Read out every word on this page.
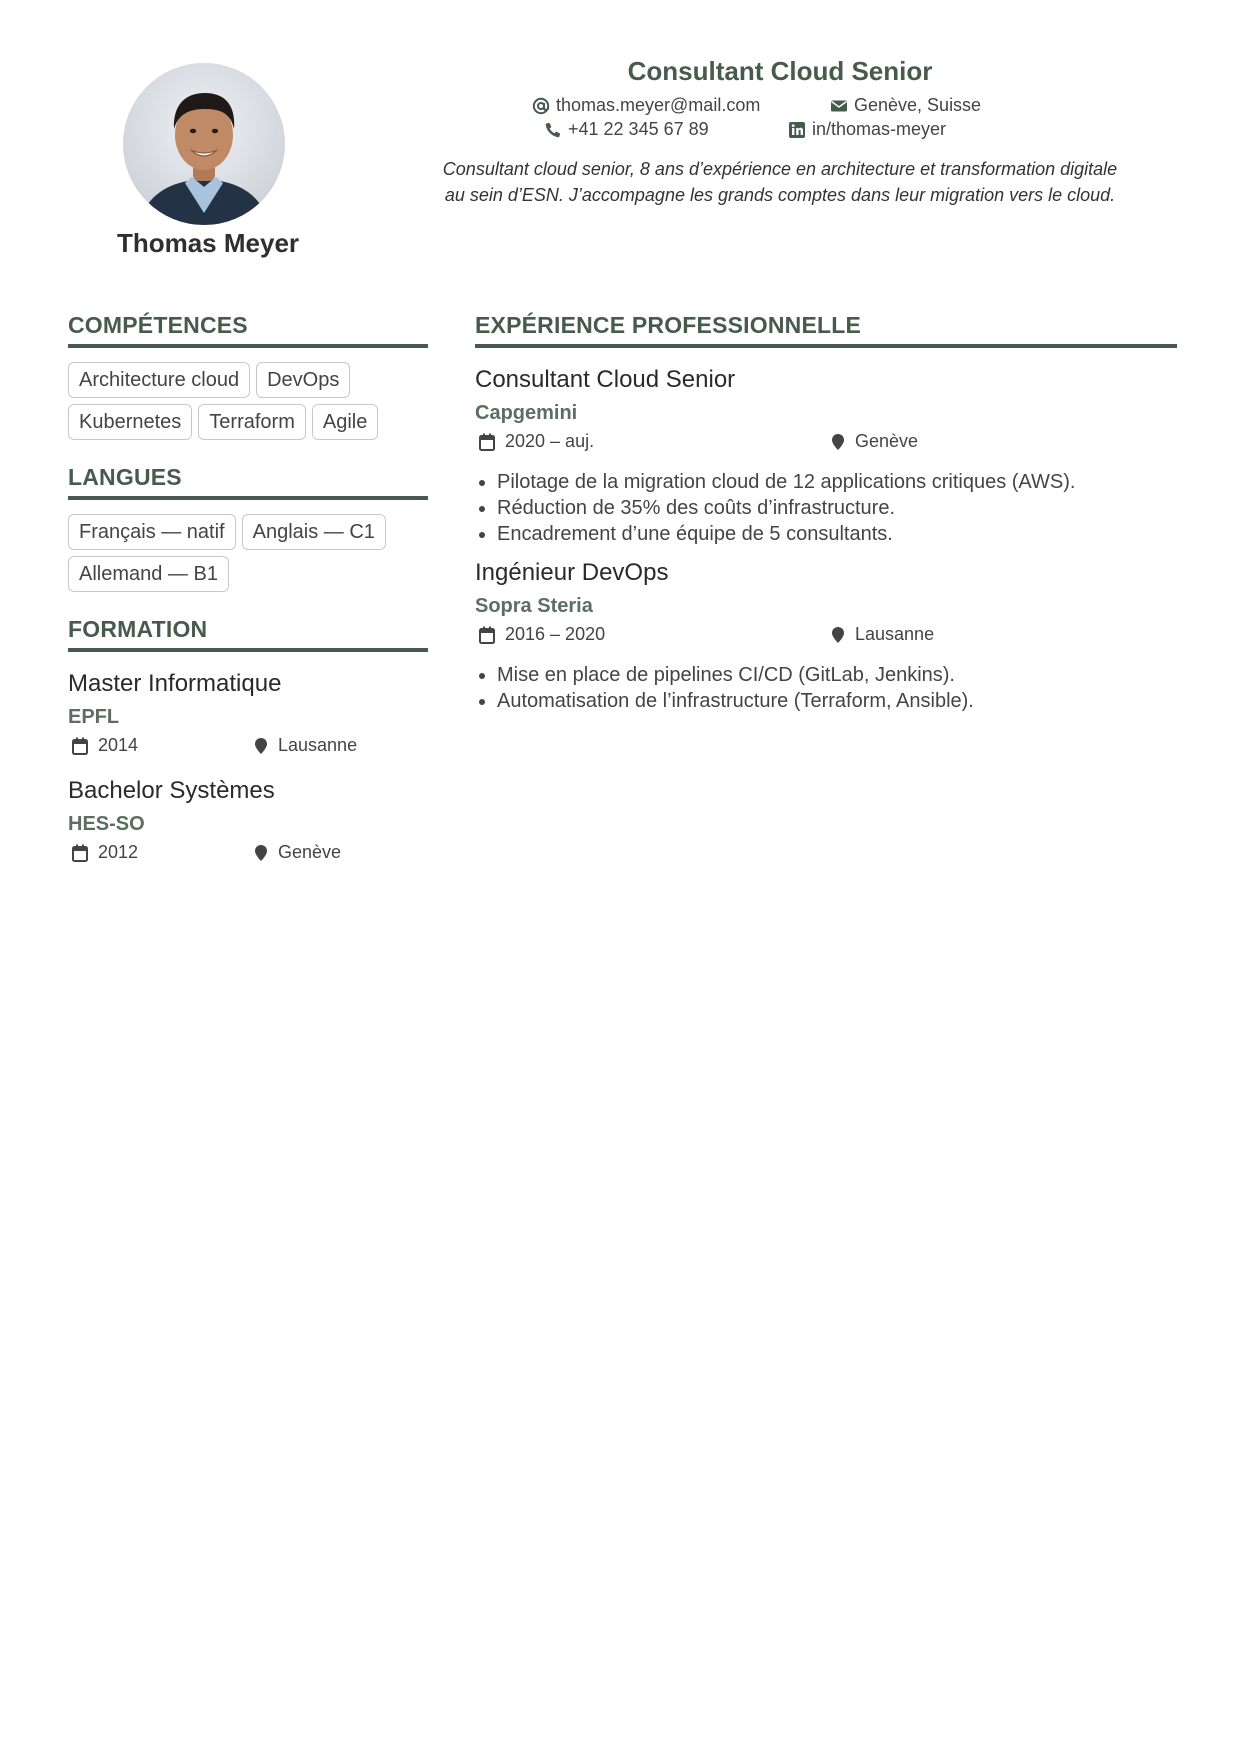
Thomas Meyer
Consultant Cloud Senior
thomas.meyer@mail.com	Genève, Suisse
+41 22 345 67 89	in/thomas-meyer
Consultant cloud senior, 8 ans d’expérience en architecture et transformation digitale
au sein d’ESN. J’accompagne les grands comptes dans leur migration vers le cloud.
COMPÉTENCES
Architecture cloud	DevOps
Kubernetes	Terraform	Agile
LANGUES
Français — natif	Anglais — C1
Allemand — B1
FORMATION
Master Informatique
EPFL
2014	Lausanne
Bachelor Systèmes
HES-SO
2012	Genève
EXPÉRIENCE PROFESSIONNELLE
Consultant Cloud Senior
Capgemini
2020 – auj.	Genève
Pilotage de la migration cloud de 12 applications critiques (AWS).
Réduction de 35% des coûts d’infrastructure.
Encadrement d’une équipe de 5 consultants.
Ingénieur DevOps
Sopra Steria
2016 – 2020	Lausanne
Mise en place de pipelines CI/CD (GitLab, Jenkins).
Automatisation de l’infrastructure (Terraform, Ansible).
